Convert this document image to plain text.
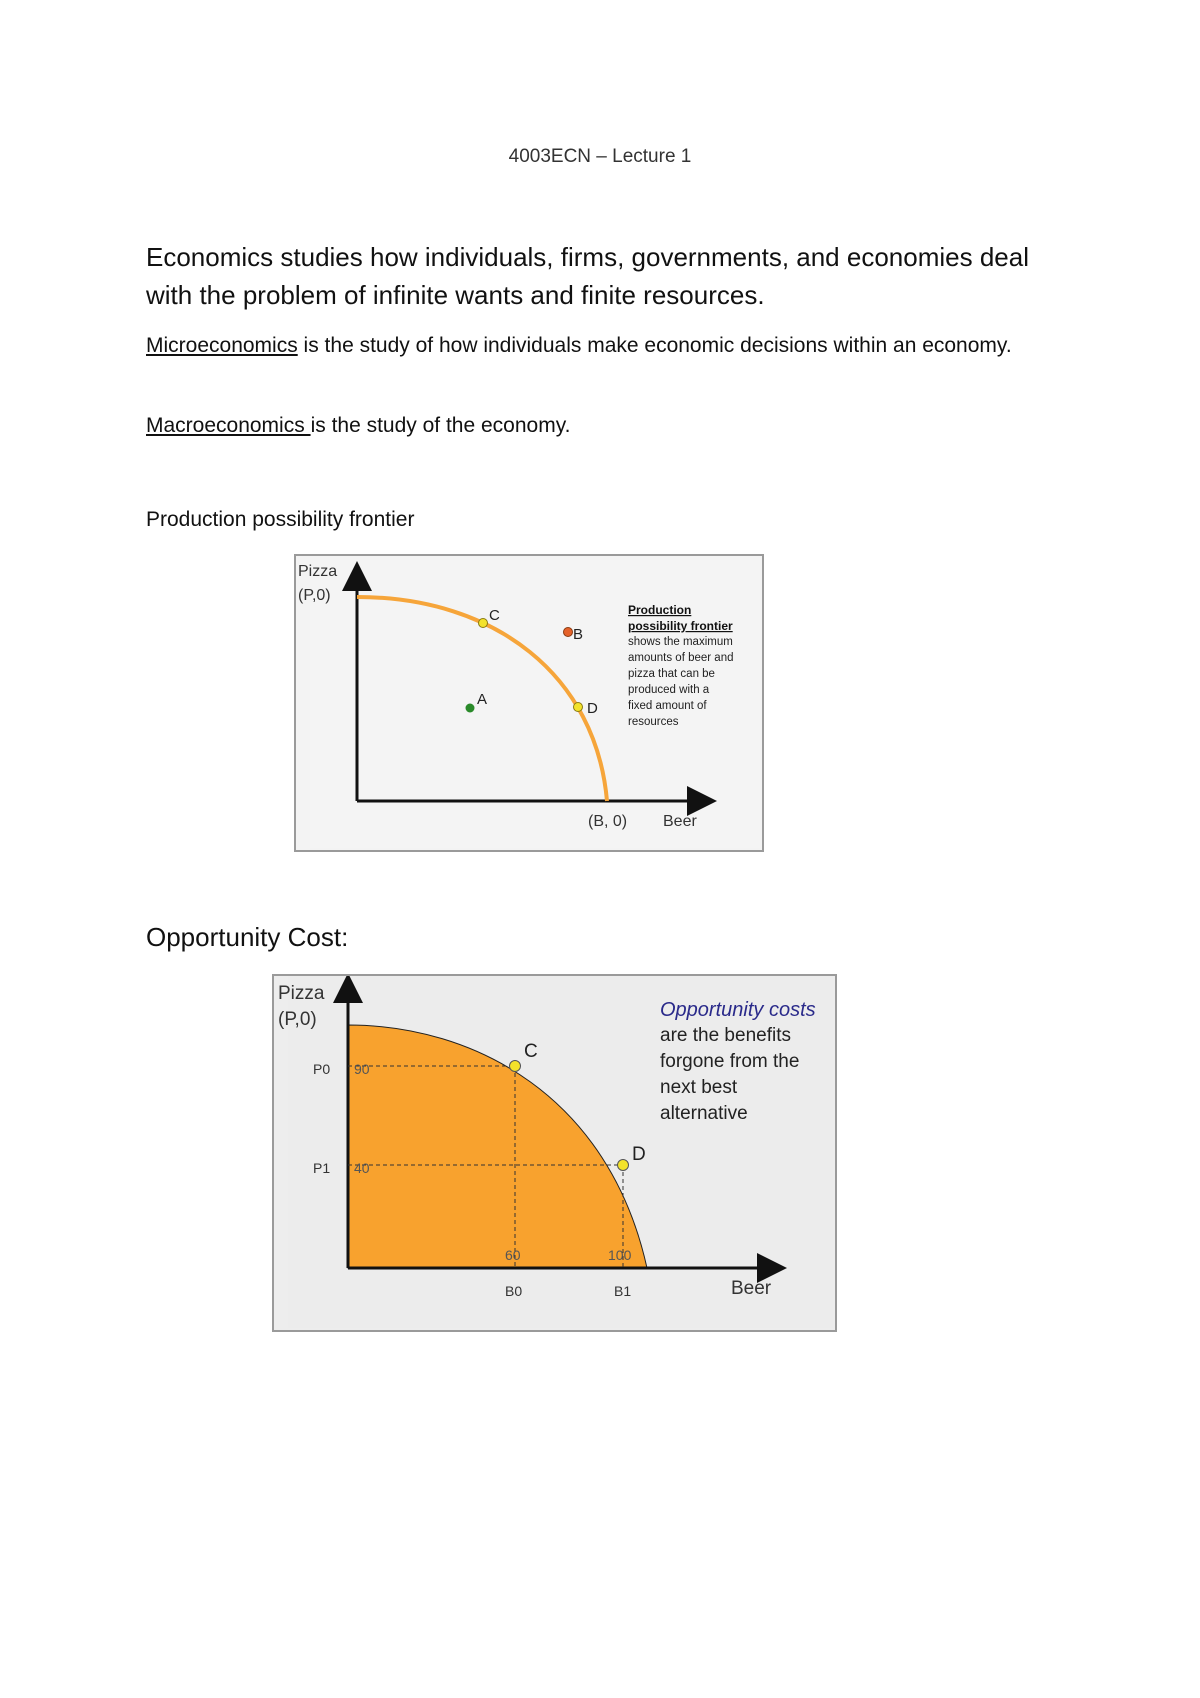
4003ECN – Lecture 1
Economics studies how individuals, firms, governments, and economies deal with the problem of infinite wants and finite resources.
Microeconomics is the study of how individuals make economic decisions within an economy.
Macroeconomics is the study of the economy.
Production possibility frontier
Pizza
(P,0)
(B, 0) Beer
C
B
A
D
Production
possibility frontier
shows the maximum
amounts of beer and
pizza that can be
produced with a
fixed amount of
resources
Opportunity Cost:
Pizza
(P,0)
Beer
P0 90
P1 40
60	100
B0	B1
C
D
Opportunity costs
are the benefits
forgone from the
next best
alternative
